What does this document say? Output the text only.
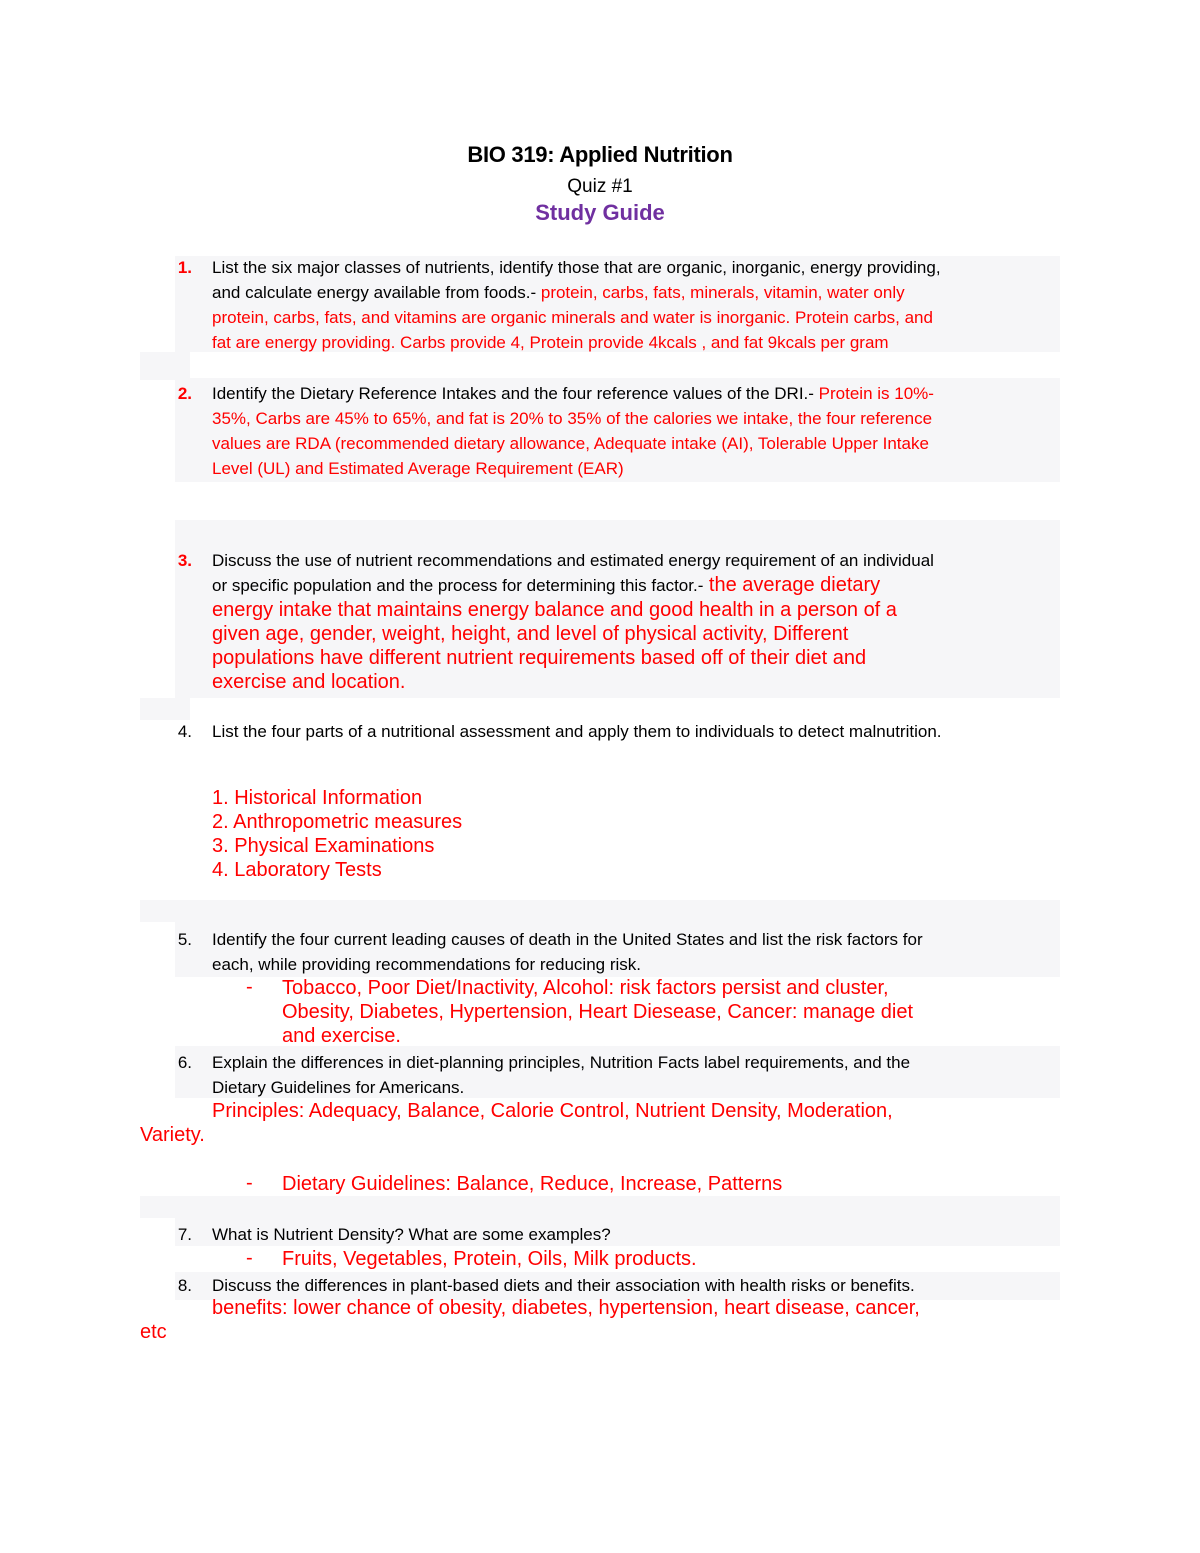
BIO 319: Applied Nutrition
Quiz #1
Study Guide
1. List the six major classes of nutrients, identify those that are organic, inorganic, energy providing,
and calculate energy available from foods.- protein, carbs, fats, minerals, vitamin, water only
protein, carbs, fats, and vitamins are organic minerals and water is inorganic. Protein carbs, and
fat are energy providing. Carbs provide 4, Protein provide 4kcals , and fat 9kcals per gram
2. Identify the Dietary Reference Intakes and the four reference values of the DRI.- Protein is 10%-
35%, Carbs are 45% to 65%, and fat is 20% to 35% of the calories we intake, the four reference
values are RDA (recommended dietary allowance, Adequate intake (AI), Tolerable Upper Intake
Level (UL) and Estimated Average Requirement (EAR)
3. Discuss the use of nutrient recommendations and estimated energy requirement of an individual
or specific population and the process for determining this factor.- the average dietary
energy intake that maintains energy balance and good health in a person of a
given age, gender, weight, height, and level of physical activity, Different
populations have different nutrient requirements based off of their diet and
exercise and location.
4. List the four parts of a nutritional assessment and apply them to individuals to detect malnutrition.
1. Historical Information
2. Anthropometric measures
3. Physical Examinations
4. Laboratory Tests
5. Identify the four current leading causes of death in the United States and list the risk factors for
each, while providing recommendations for reducing risk.
- Tobacco, Poor Diet/Inactivity, Alcohol: risk factors persist and cluster,
Obesity, Diabetes, Hypertension, Heart Diesease, Cancer: manage diet
and exercise.
6. Explain the differences in diet-planning principles, Nutrition Facts label requirements, and the
Dietary Guidelines for Americans.
Principles: Adequacy, Balance, Calorie Control, Nutrient Density, Moderation,
Variety.
- Dietary Guidelines: Balance, Reduce, Increase, Patterns
7. What is Nutrient Density? What are some examples?
- Fruits, Vegetables, Protein, Oils, Milk products.
8. Discuss the differences in plant-based diets and their association with health risks or benefits.
benefits: lower chance of obesity, diabetes, hypertension, heart disease, cancer,
etc
